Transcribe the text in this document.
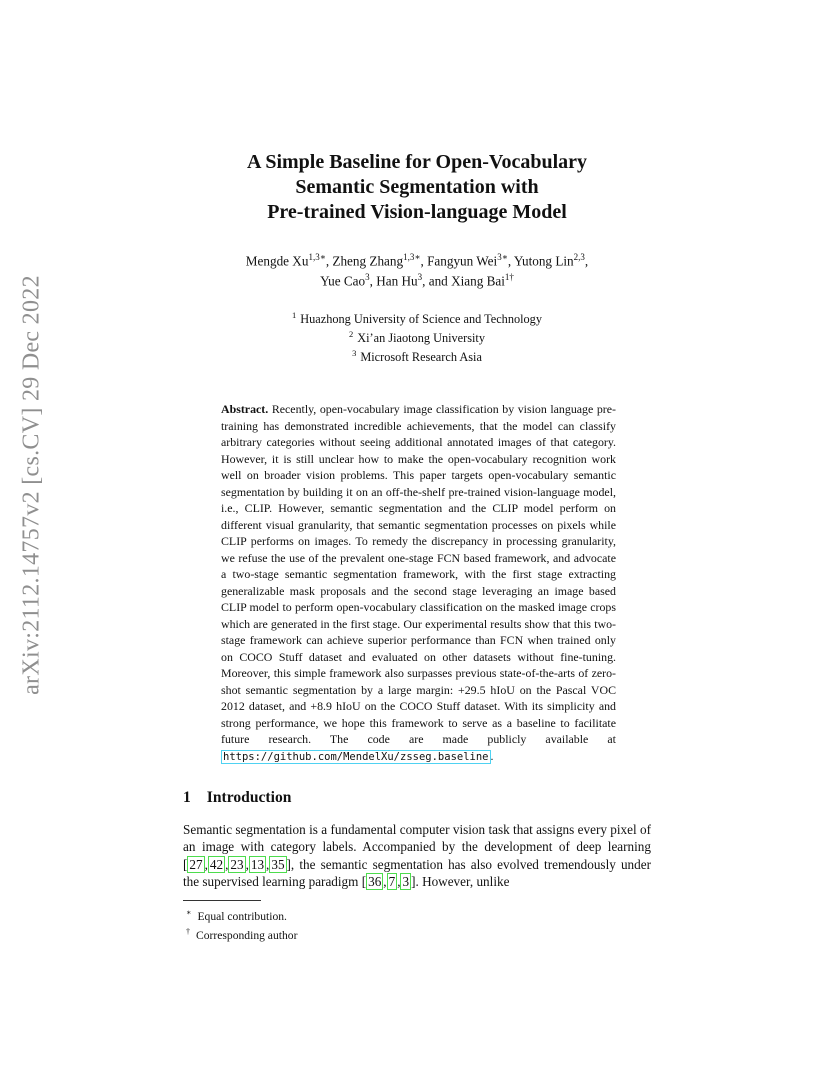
arXiv:2112.14757v2 [cs.CV] 29 Dec 2022
A Simple Baseline for Open-Vocabulary
Semantic Segmentation with
Pre-trained Vision-language Model
Mengde $Xu^{1,3∗}$, Zheng Zhang$^{1,3∗}$, Fangyun Wei$^{3∗}$, Yutong Lin$^{2,3}$,
Yue Cao$^3$, Han Hu$^3$, and Xiang Bai$^{1\dagger}$
$^1$ Huazhong University of Science and Technology
$^2$ Xi’an Jiaotong University
$^3$ Microsoft Research Asia
Abstract. Recently, open-vocabulary image classification by vision language pre-training has demonstrated incredible achievements, that the model can classify arbitrary categories without seeing additional annotated images of that category. However, it is still unclear how to make the open-vocabulary recognition work well on broader vision problems. This paper targets open-vocabulary semantic segmentation by building it on an off-the-shelf pre-trained vision-language model, i.e., CLIP. However, semantic segmentation and the CLIP model perform on different visual granularity, that semantic segmentation processes on pixels while CLIP performs on images. To remedy the discrepancy in processing granularity, we refuse the use of the prevalent one-stage FCN based framework, and advocate a two-stage semantic segmentation framework, with the first stage extracting generalizable mask proposals and the second stage leveraging an image based CLIP model to perform open-vocabulary classification on the masked image crops which are generated in the first stage. Our experimental results show that this two-stage framework can achieve superior performance than FCN when trained only on COCO Stuff dataset and evaluated on other datasets without fine-tuning. Moreover, this simple framework also surpasses previous state-of-the-arts of zero-shot semantic segmentation by a large margin: +29.5 hIoU on the Pascal VOC 2012 dataset, and +8.9 hIoU on the COCO Stuff dataset. With its simplicity and strong performance, we hope this framework to serve as a baseline to facilitate future research. The code are made publicly available at https://github.com/MendelXu/zsseg.baseline .
1 Introduction
Semantic segmentation is a fundamental computer vision task that assigns every pixel of an image with category labels. Accompanied by the development of deep learning [ 27 , 42 , 23 , 13 , 35 ], the semantic segmentation has also evolved tremendously under the supervised learning paradigm [ 36 , 7 , 3 ]. However, unlike
∗ Equal contribution.
† Corresponding author
